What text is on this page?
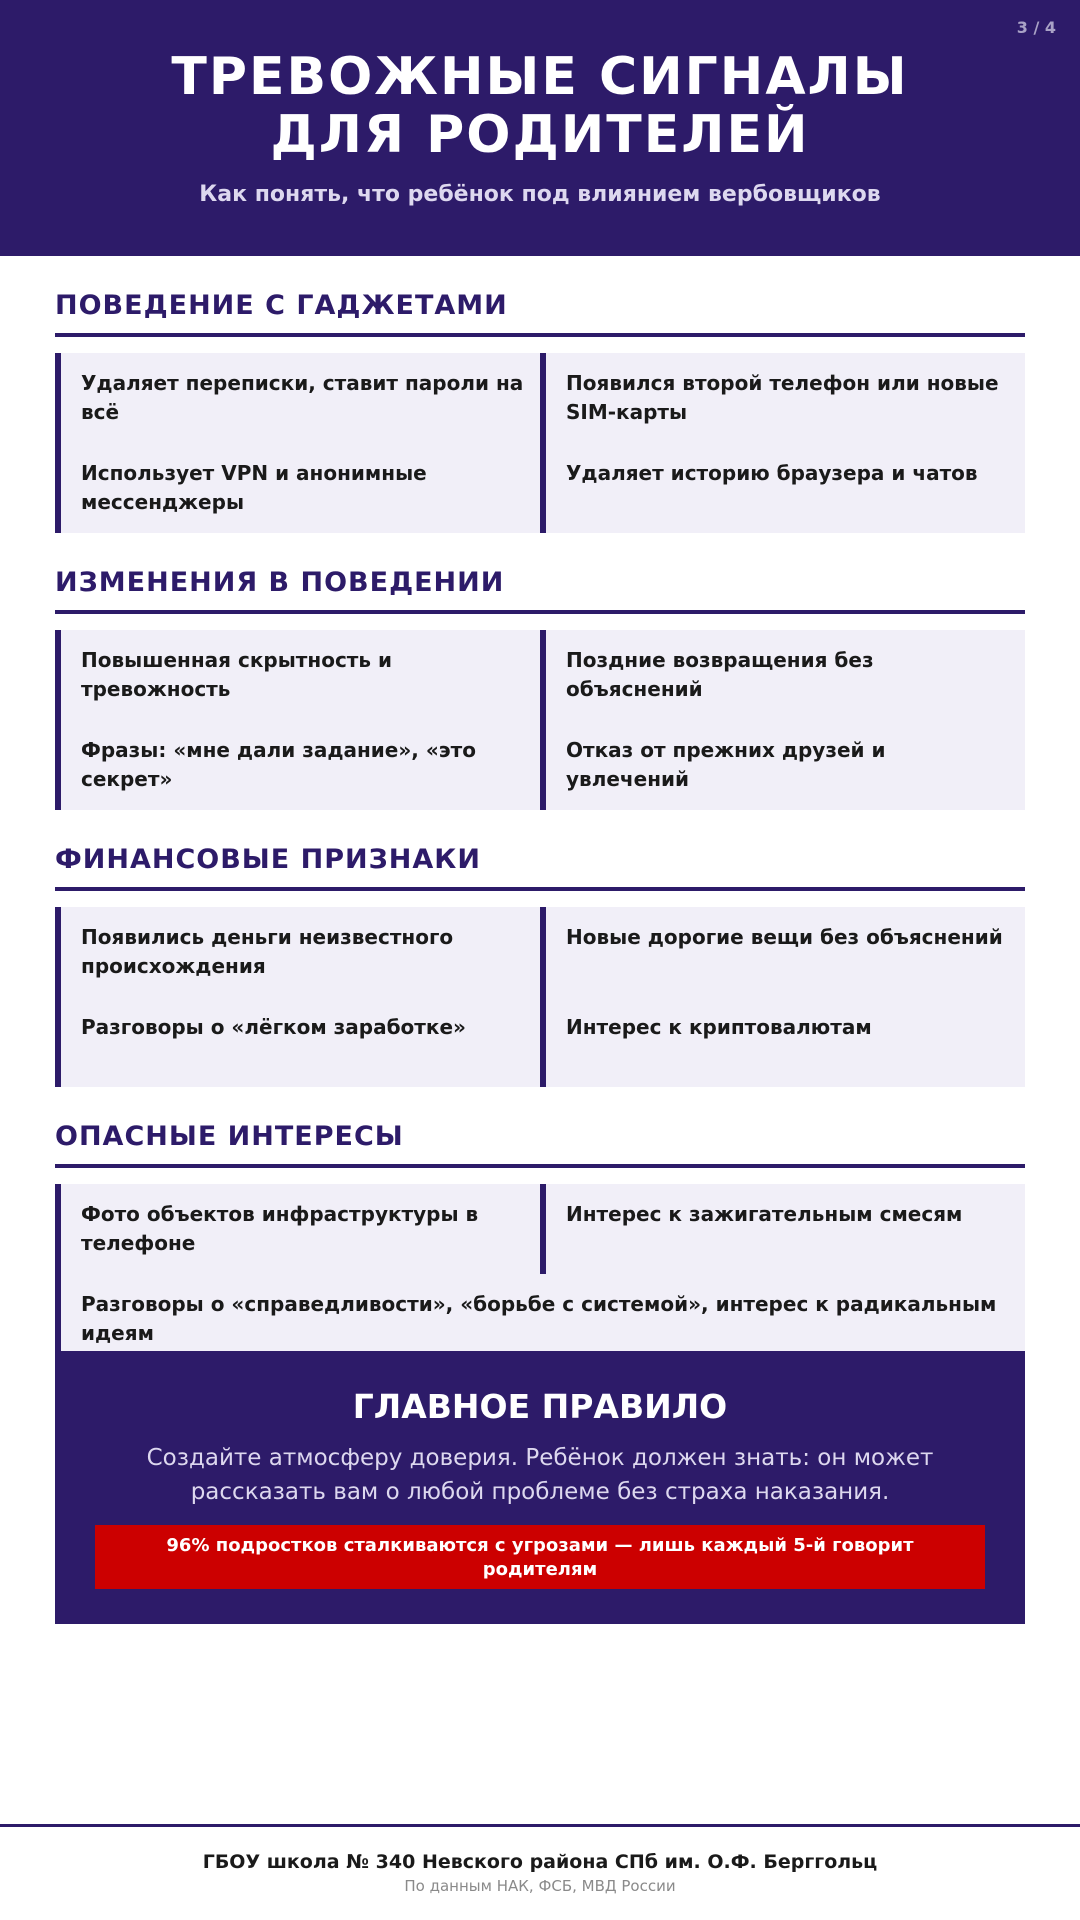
3 / 4
ТРЕВОЖНЫЕ СИГНАЛЫ
ДЛЯ РОДИТЕЛЕЙ
Как понять, что ребёнок под влиянием вербовщиков
ПОВЕДЕНИЕ С ГАДЖЕТАМИ
Удаляет переписки, ставит пароли на всё
Появился второй телефон или новые SIM-карты
Использует VPN и анонимные мессенджеры
Удаляет историю браузера и чатов
ИЗМЕНЕНИЯ В ПОВЕДЕНИИ
Повышенная скрытность и тревожность
Поздние возвращения без объяснений
Фразы: «мне дали задание», «это секрет»
Отказ от прежних друзей и увлечений
ФИНАНСОВЫЕ ПРИЗНАКИ
Появились деньги неизвестного происхождения
Новые дорогие вещи без объяснений
Разговоры о «лёгком заработке»	Интерес к криптовалютам
ОПАСНЫЕ ИНТЕРЕСЫ
Фото объектов инфраструктуры в телефоне
Интерес к зажигательным смесям
Разговоры о «справедливости», «борьбе с системой», интерес к радикальным идеям
ГЛАВНОЕ ПРАВИЛО
Создайте атмосферу доверия. Ребёнок должен знать: он может рассказать вам о любой проблеме без страха наказания.
96% подростков сталкиваются с угрозами — лишь каждый 5-й говорит родителям
ГБОУ школа № 340 Невского района СПб им. О.Ф. Берггольц
По данным НАК, ФСБ, МВД России
